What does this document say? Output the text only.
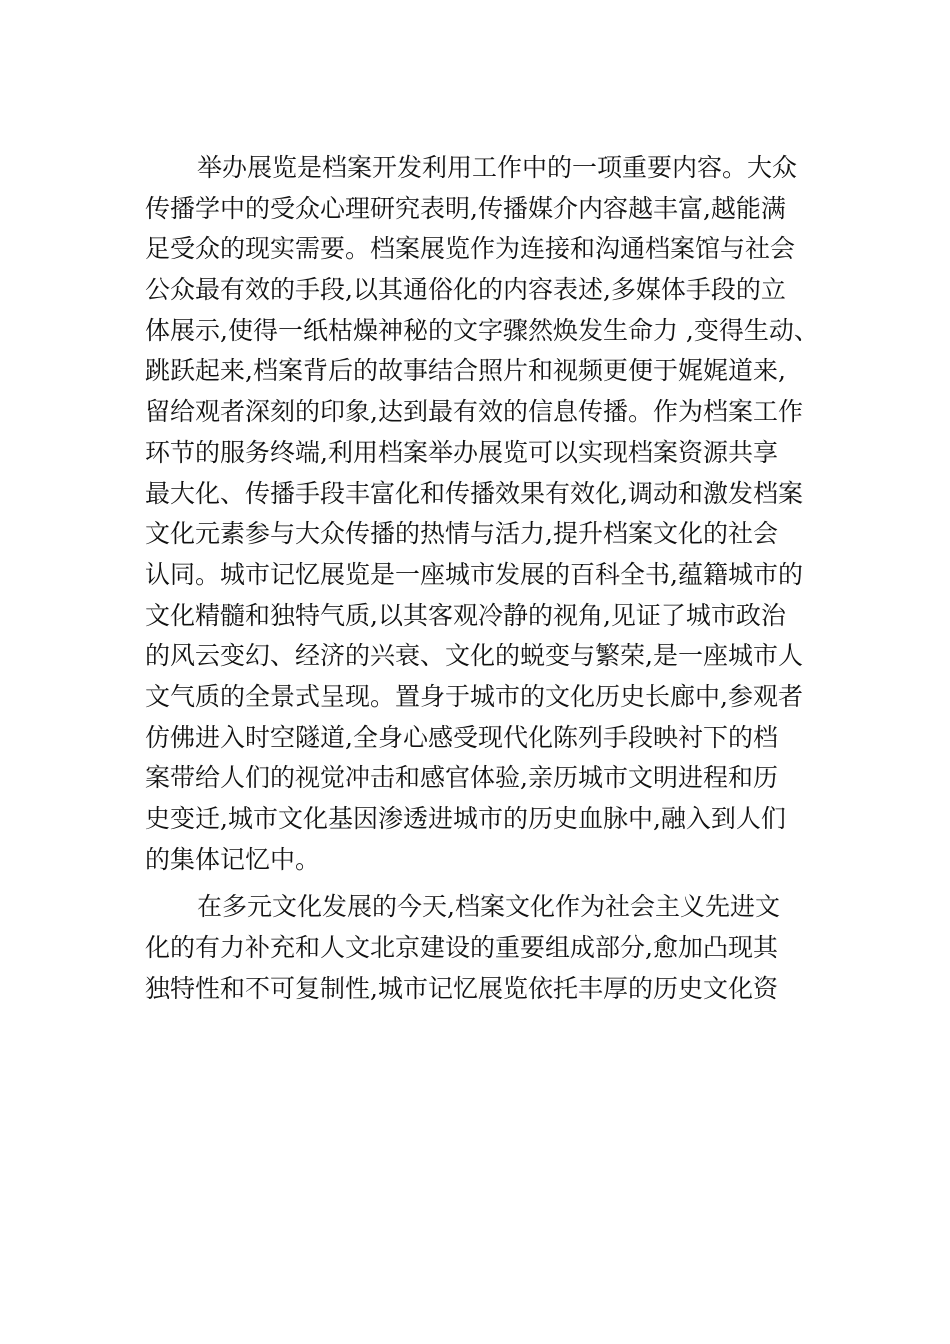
举办展览是档案开发利用工作中的一项重要内容。大众
传播学中的受众心理研究表明,传播媒介内容越丰富,越能满
足受众的现实需要。档案展览作为连接和沟通档案馆与社会
公众最有效的手段,以其通俗化的内容表述,多媒体手段的立
体展示,使得一纸枯燥神秘的文字骤然焕发生命力 ,变得生动、
跳跃起来,档案背后的故事结合照片和视频更便于娓娓道来,
留给观者深刻的印象,达到最有效的信息传播。作为档案工作
环节的服务终端,利用档案举办展览可以实现档案资源共享
最大化、传播手段丰富化和传播效果有效化,调动和激发档案
文化元素参与大众传播的热情与活力,提升档案文化的社会
认同。城市记忆展览是一座城市发展的百科全书,蕴籍城市的
文化精髓和独特气质,以其客观冷静的视角,见证了城市政治
的风云变幻、经济的兴衰、文化的蜕变与繁荣,是一座城市人
文气质的全景式呈现。置身于城市的文化历史长廊中,参观者
仿佛进入时空隧道,全身心感受现代化陈列手段映衬下的档
案带给人们的视觉冲击和感官体验,亲历城市文明进程和历
史变迁,城市文化基因渗透进城市的历史血脉中,融入到人们
的集体记忆中。
在多元文化发展的今天,档案文化作为社会主义先进文
化的有力补充和人文北京建设的重要组成部分,愈加凸现其
独特性和不可复制性,城市记忆展览依托丰厚的历史文化资
